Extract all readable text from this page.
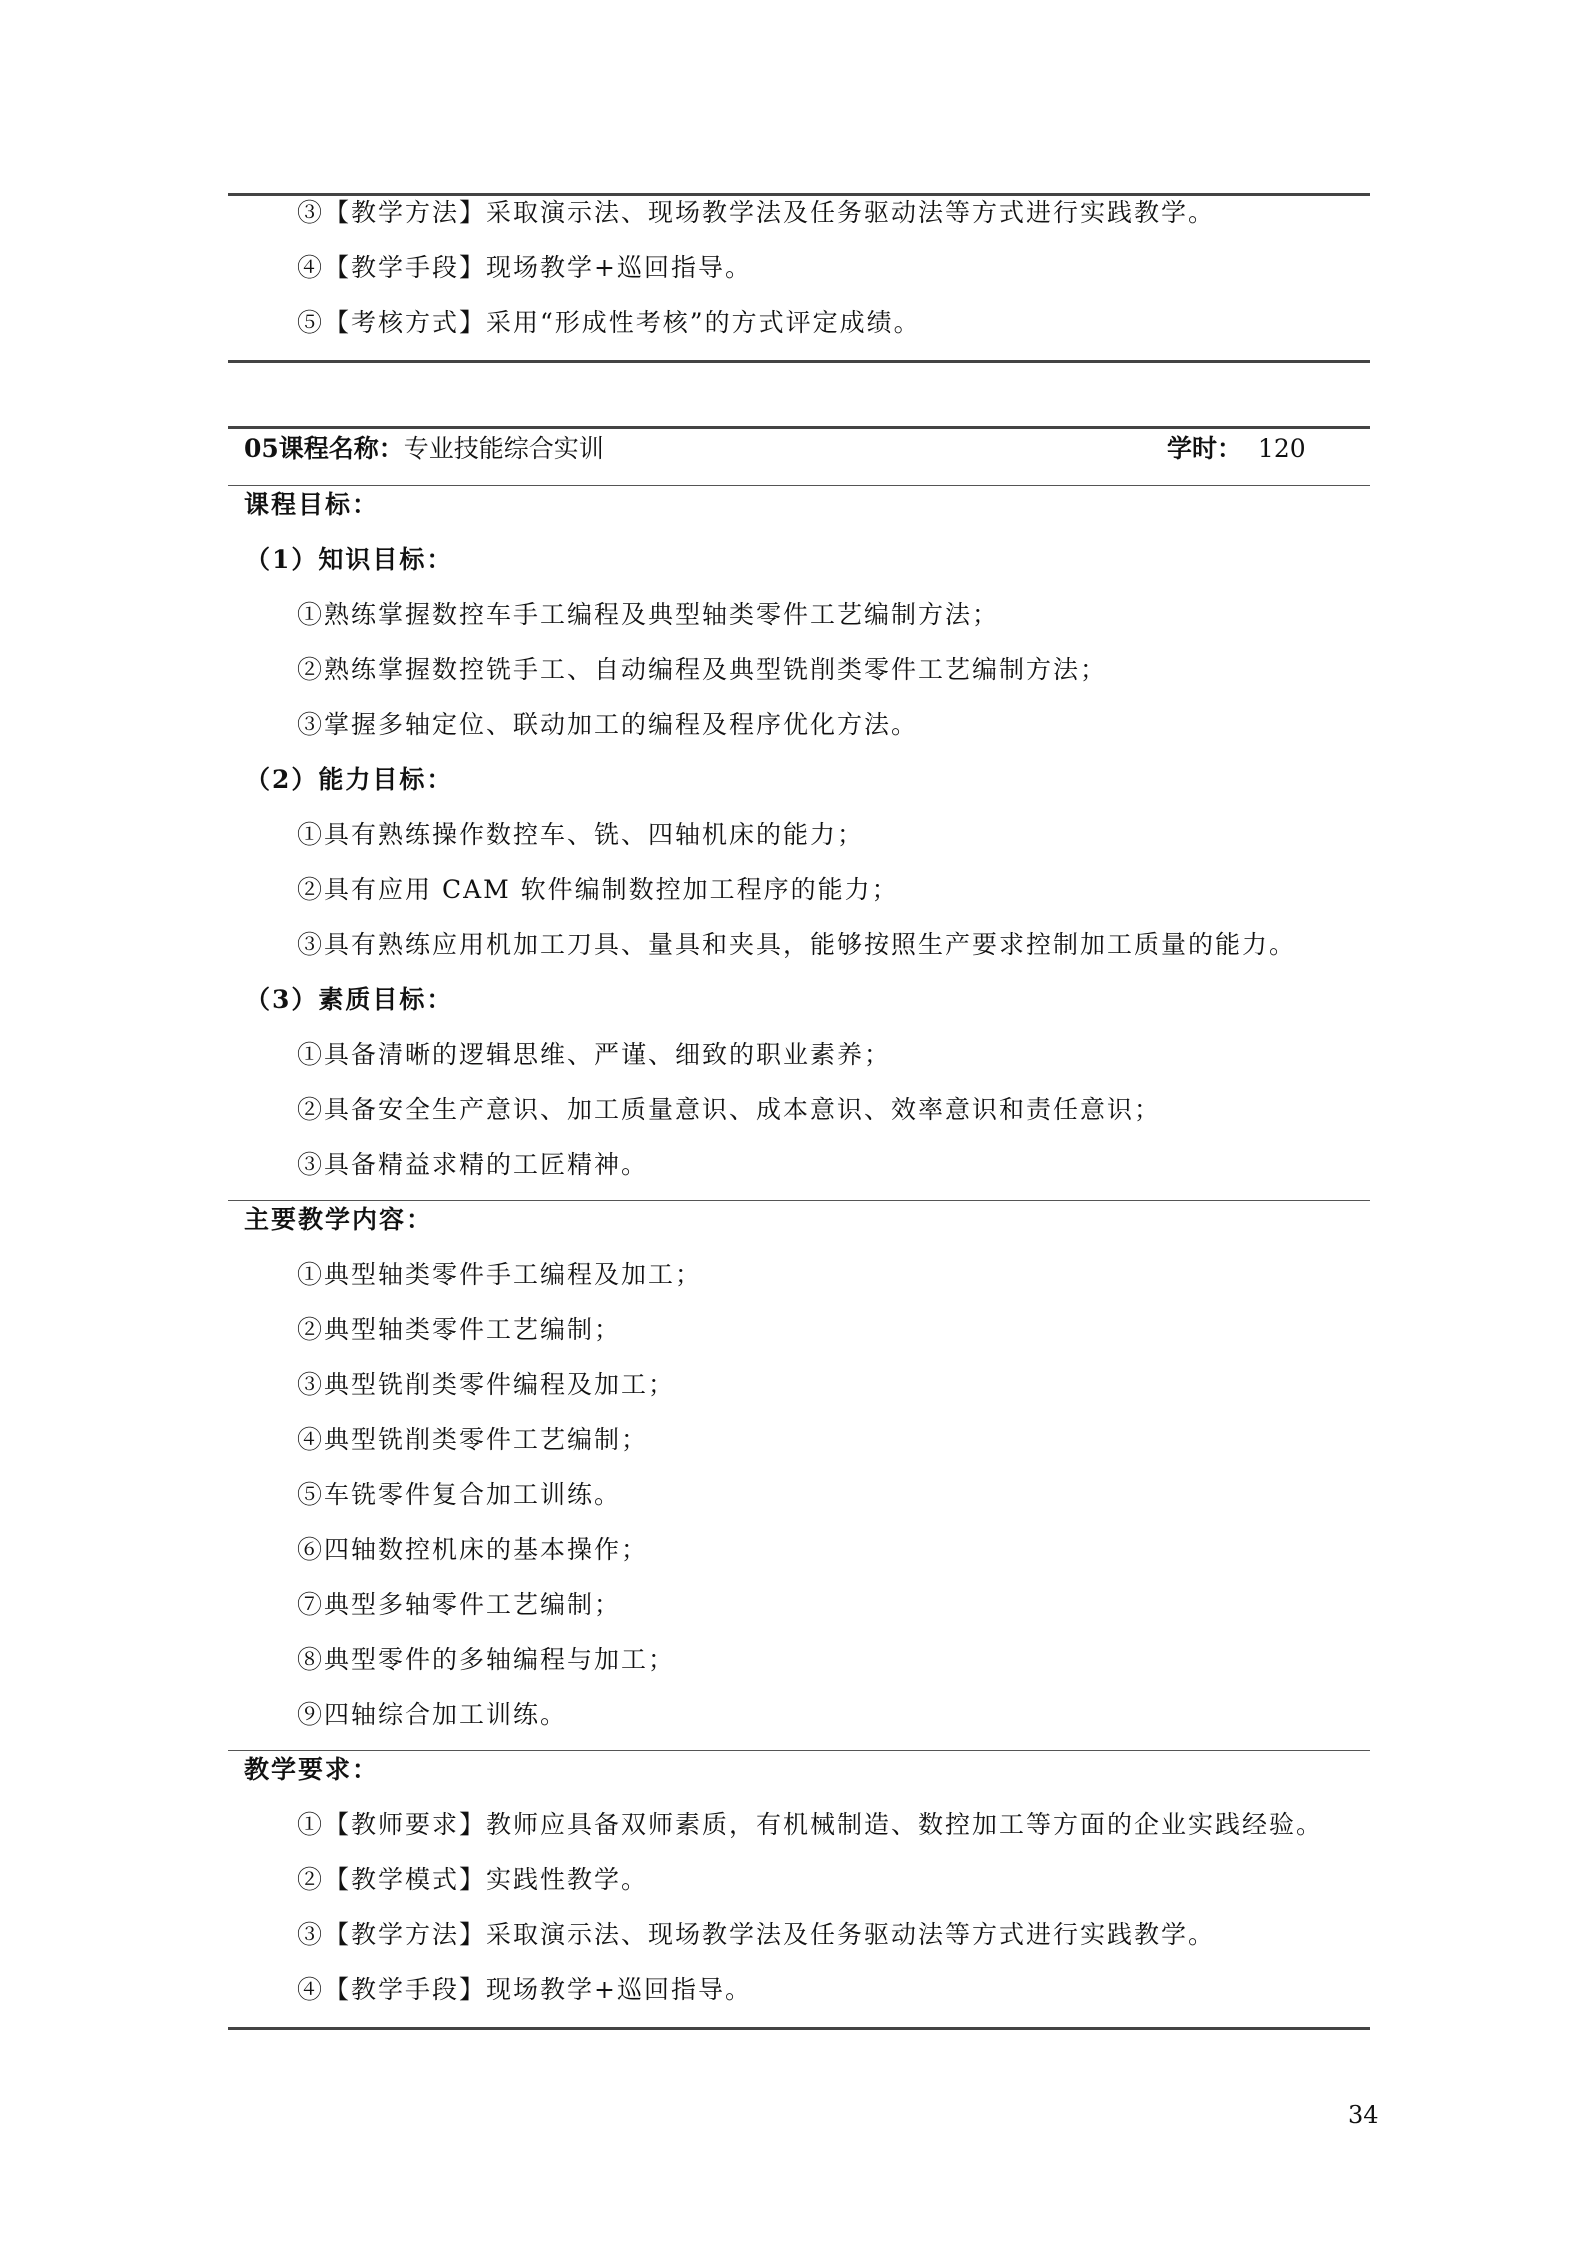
③【教学方法】采取演示法、现场教学法及任务驱动法等方式进行实践教学。
④【教学手段】现场教学+巡回指导。
⑤【考核方式】采用“形成性考核”的方式评定成绩。
05课程名称：专业技能综合实训	学时： 120
课程目标：
（1）知识目标：
①熟练掌握数控车手工编程及典型轴类零件工艺编制方法；
②熟练掌握数控铣手工、自动编程及典型铣削类零件工艺编制方法；
③掌握多轴定位、联动加工的编程及程序优化方法。
（2）能力目标：
①具有熟练操作数控车、铣、四轴机床的能力；
②具有应用 CAM 软件编制数控加工程序的能力；
③具有熟练应用机加工刀具、量具和夹具，能够按照生产要求控制加工质量的能力。
（3）素质目标：
①具备清晰的逻辑思维、严谨、细致的职业素养；
②具备安全生产意识、加工质量意识、成本意识、效率意识和责任意识；
③具备精益求精的工匠精神。
主要教学内容：
①典型轴类零件手工编程及加工；
②典型轴类零件工艺编制；
③典型铣削类零件编程及加工；
④典型铣削类零件工艺编制；
⑤车铣零件复合加工训练。
⑥四轴数控机床的基本操作；
⑦典型多轴零件工艺编制；
⑧典型零件的多轴编程与加工；
⑨四轴综合加工训练。
教学要求：
①【教师要求】教师应具备双师素质，有机械制造、数控加工等方面的企业实践经验。
②【教学模式】实践性教学。
③【教学方法】采取演示法、现场教学法及任务驱动法等方式进行实践教学。
④【教学手段】现场教学+巡回指导。
34
